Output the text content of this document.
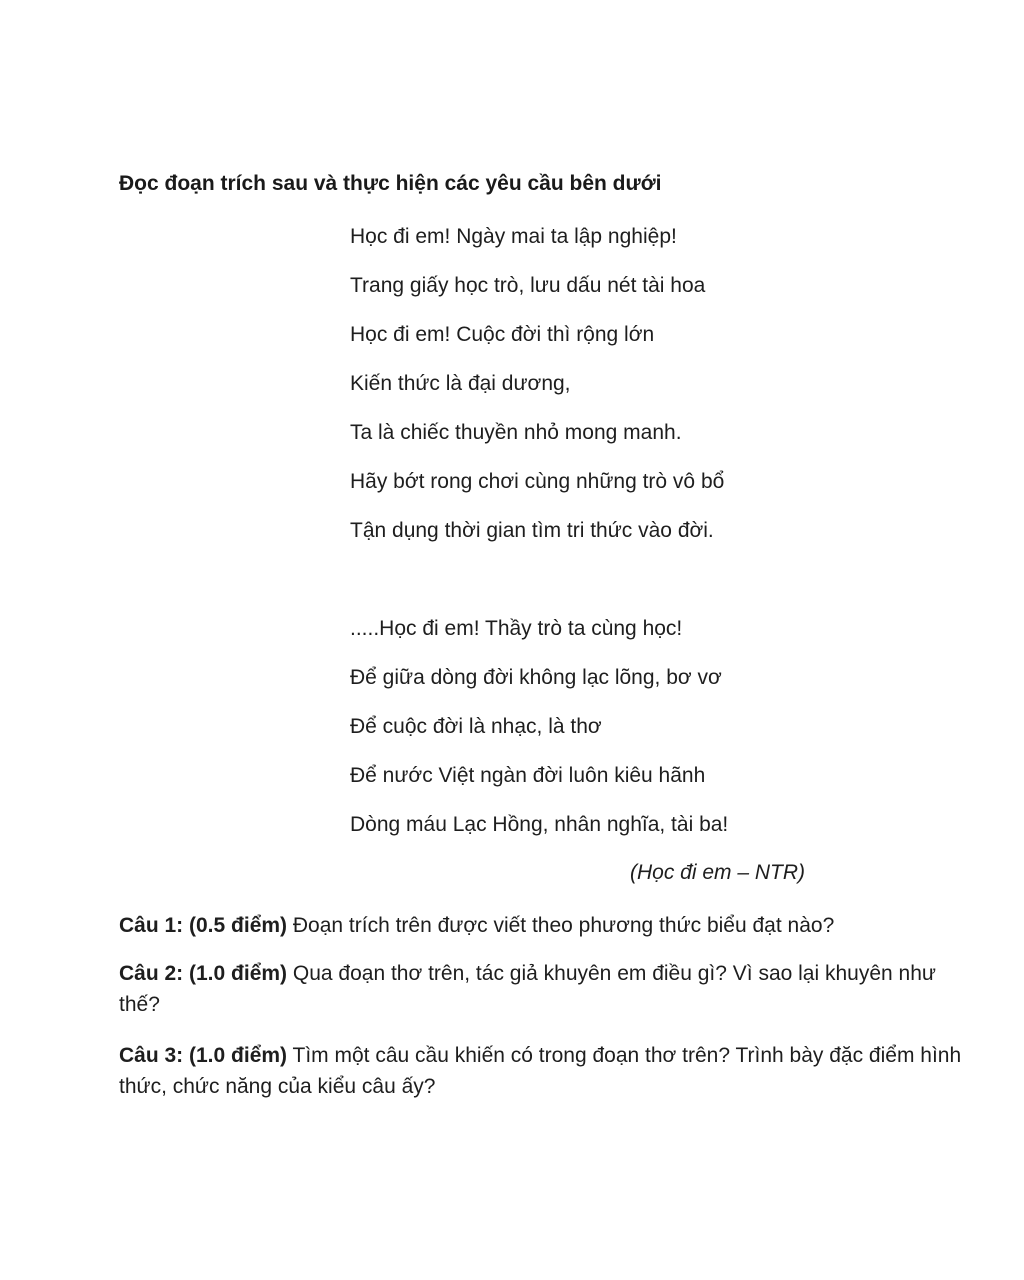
Đọc đoạn trích sau và thực hiện các yêu cầu bên dưới
Học đi em! Ngày mai ta lập nghiệp!
Trang giấy học trò, lưu dấu nét tài hoa
Học đi em! Cuộc đời thì rộng lớn
Kiến thức là đại dương,
Ta là chiếc thuyền nhỏ mong manh.
Hãy bớt rong chơi cùng những trò vô bổ
Tận dụng thời gian tìm tri thức vào đời.
.....Học đi em! Thầy trò ta cùng học!
Để giữa dòng đời không lạc lõng, bơ vơ
Để cuộc đời là nhạc, là thơ
Để nước Việt ngàn đời luôn kiêu hãnh
Dòng máu Lạc Hồng, nhân nghĩa, tài ba!
(Học đi em – NTR)
Câu 1: (0.5 điểm) Đoạn trích trên được viết theo phương thức biểu đạt nào?
Câu 2: (1.0 điểm) Qua đoạn thơ trên, tác giả khuyên em điều gì? Vì sao lại khuyên như thế?
Câu 3: (1.0 điểm) Tìm một câu cầu khiến có trong đoạn thơ trên? Trình bày đặc điểm hình thức, chức năng của kiểu câu ấy?
